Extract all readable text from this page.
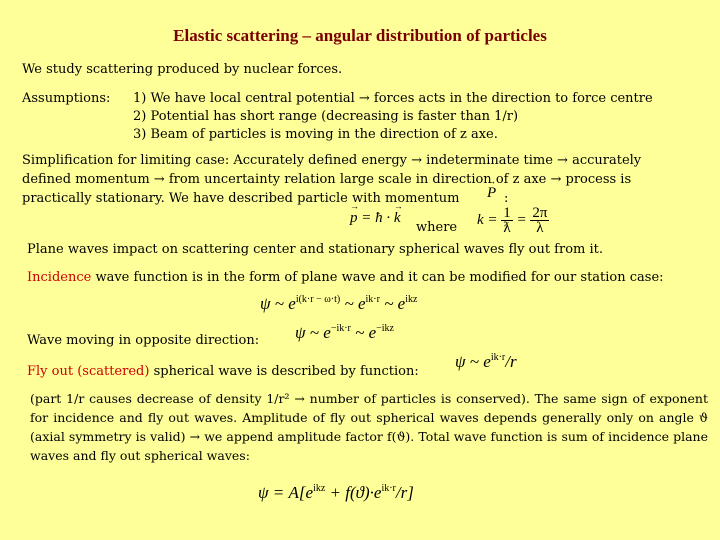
Elastic scattering – angular distribution of particles
We study scattering produced by nuclear forces.
Assumptions: 1) We have local central potential → forces acts in the direction to force centre
2) Potential has short range (decreasing is faster than 1/r)
3) Beam of particles is moving in the direction of z axe.
Simplification for limiting case: Accurately defined energy → indeterminate time → accurately
defined momentum → from uncertainty relation large scale in direction of z axe → process is
practically stationary. We have described particle with momentum
→ P :
→ p = ħ · → k
where $k = \frac{1}{ƛ} = \frac{2\pi}{\lambda}$
Plane waves impact on scattering center and stationary spherical waves fly out from it.
Incidence wave function is in the form of plane wave and it can be modified for our station case:
ψ ~ $e^{i(k\cdot r - \omega\cdot t)}$ ~ $e^{ik\cdot r}$ ~ $e^{ikz}$
Wave moving in opposite direction: ψ ~ $e^{-ik\cdot r}$ ~ $e^{-ikz}$
Fly out (scattered) spherical wave is described by function:
ψ ~ $e^{ik\cdot r}/r$
(part 1/r causes decrease of density 1/r² → number of particles is conserved). The same sign of exponent for incidence and fly out waves. Amplitude of fly out spherical waves depends generally only on angle ϑ (axial symmetry is valid) → we append amplitude factor f(ϑ). Total wave function is sum of incidence plane waves and fly out spherical waves:
$\psi = A[e^{ikz} + f(ϑ)\cdot e^{ik\cdot r}/r]$
